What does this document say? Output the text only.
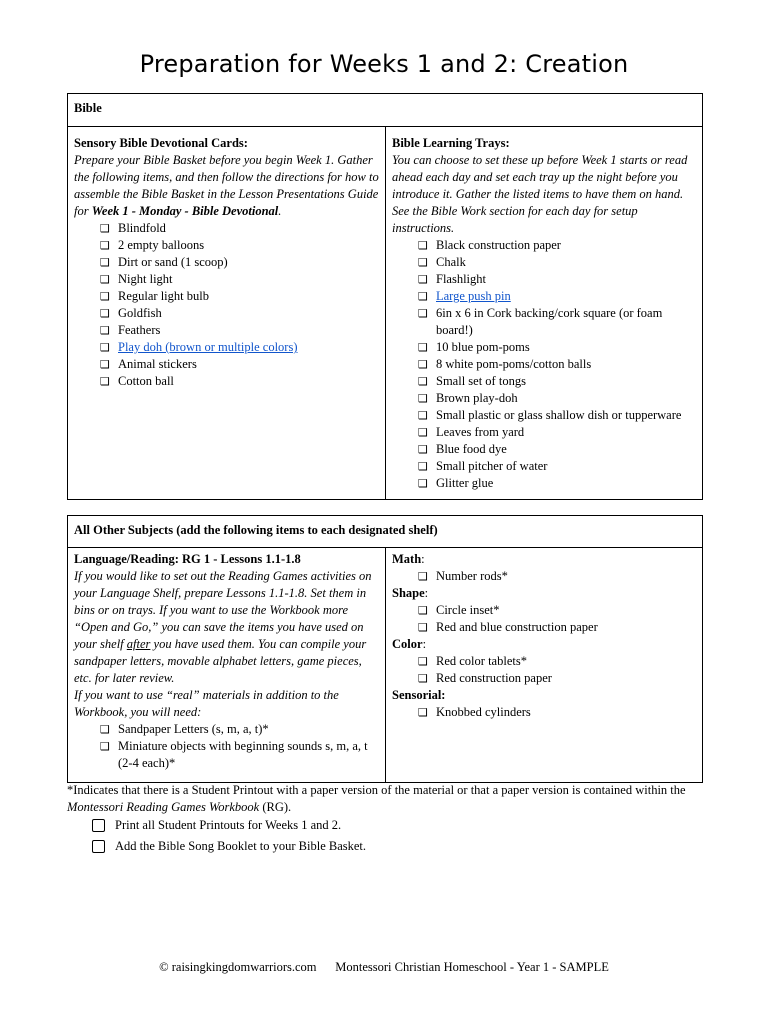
Preparation for Weeks 1 and 2: Creation
Bible

Sensory Bible Devotional Cards:
Prepare your Bible Basket before you begin Week 1. Gather the following items, and then follow the directions for how to assemble the Bible Basket in the Lesson Presentations Guide for Week 1 - Monday - Bible Devotional.
❑ Blindfold
❑ 2 empty balloons
❑ Dirt or sand (1 scoop)
❑ Night light
❑ Regular light bulb
❑ Goldfish
❑ Feathers
❑ Play doh (brown or multiple colors)
❑ Animal stickers
❑ Cotton ball

Bible Learning Trays:
You can choose to set these up before Week 1 starts or read ahead each day and set each tray up the night before you introduce it. Gather the listed items to have them on hand. See the Bible Work section for each day for setup instructions.
❑ Black construction paper
❑ Chalk
❑ Flashlight
❑ Large push pin
❑ 6in x 6 in Cork backing/cork square (or foam board!)
❑ 10 blue pom-poms
❑ 8 white pom-poms/cotton balls
❑ Small set of tongs
❑ Brown play-doh
❑ Small plastic or glass shallow dish or tupperware
❑ Leaves from yard
❑ Blue food dye
❑ Small pitcher of water
❑ Glitter glue
All Other Subjects (add the following items to each designated shelf)

Language/Reading: RG 1 - Lessons 1.1-1.8
If you would like to set out the Reading Games activities on your Language Shelf, prepare Lessons 1.1-1.8. Set them in bins or on trays. If you want to use the Workbook more “Open and Go,” you can save the items you have used on your shelf after you have used them. You can compile your sandpaper letters, movable alphabet letters, game pieces, etc. for later review.
If you want to use “real” materials in addition to the Workbook, you will need:
❑ Sandpaper Letters (s, m, a, t)*
❑ Miniature objects with beginning sounds s, m, a, t (2-4 each)*

Math:
❑ Number rods*
Shape:
❑ Circle inset*
❑ Red and blue construction paper
Color:
❑ Red color tablets*
❑ Red construction paper
Sensorial:
❑ Knobbed cylinders
*Indicates that there is a Student Printout with a paper version of the material or that a paper version is contained within the Montessori Reading Games Workbook (RG).
Print all Student Printouts for Weeks 1 and 2.
Add the Bible Song Booklet to your Bible Basket.
© raisingkingdomwarriors.com Montessori Christian Homeschool - Year 1 - SAMPLE
